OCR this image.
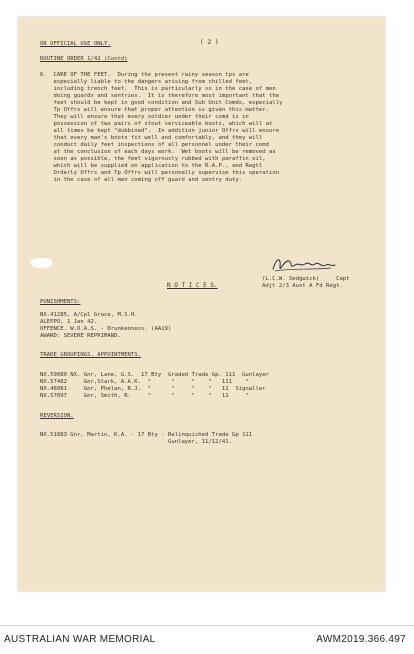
OR OFFICIAL USE ONLY.	( 2 )
ROUTINE ORDER 1/42 (Contd)
6.  CARE OF THE FEET.  During the present rainy season tps are
especially liable to the dangers arising from chilled feet,
including trench feet.  This is particularly so in the case of men
doing guards and sentries.  It is therefore most important that the
feet should be kept in good condition and Sub Unit Comds, especially
Tp Offrs will ensure that proper attention is given this matter.
They will ensure that every soldier under their comd is in
possession of two pairs of stout serviceable boots, which will at
all times be kept "dubbined".  In addition junior Offrs will ensure
that every man's boots fit well and comfortably, and they will
conduct daily feet inspections of all personnel under their comd
at the conclusion of each days work.  Wet boots will be removed as
soon as possible, the feet vigorously rubbed with paraffin oil,
which will be supplied on application to the R.A.P., and Regtl
Orderly Offrs and Tp Offrs will personally supervise this operation
in the case of all men coming off guard and sentry duty.
(L.C.W. Sedgwick)     Capt
Adjt 2/3 Aust A Fd Regt.
N O T I C E S.
PUNISHMENTS:
NX.41285, A/Cpl Grace, M.S.H.
ALEPPO, 1 Jan 42.
OFFENCE. W.O.A.S. - Drunkenness. (AA19)
AWARD: SEVERE REPRIMAND.
TRADE GROUPINGS. APPOINTMENTS.
NX.59080 NX. Gnr, Lane, G.S.  17 Bty  Graded Trade Gp. 111  Gunlayer
NX.57482     Gnr,Stark, A.A.K.  "      "     "    "   111    "
NX.46081     Gnr, Phelan, R.J.  "      "     "    "   11  Signaller
NX.57097     Gnr, Smith, R.     "      "     "    "   11     "
REVERSION.
NX.51883 Gnr, Martin, K.A. - 17 Bty - Relinquished Trade Gp 111
Gunlayer, 11/12/41.
AUSTRALIAN WAR MEMORIAL	AWM2019.366.497
